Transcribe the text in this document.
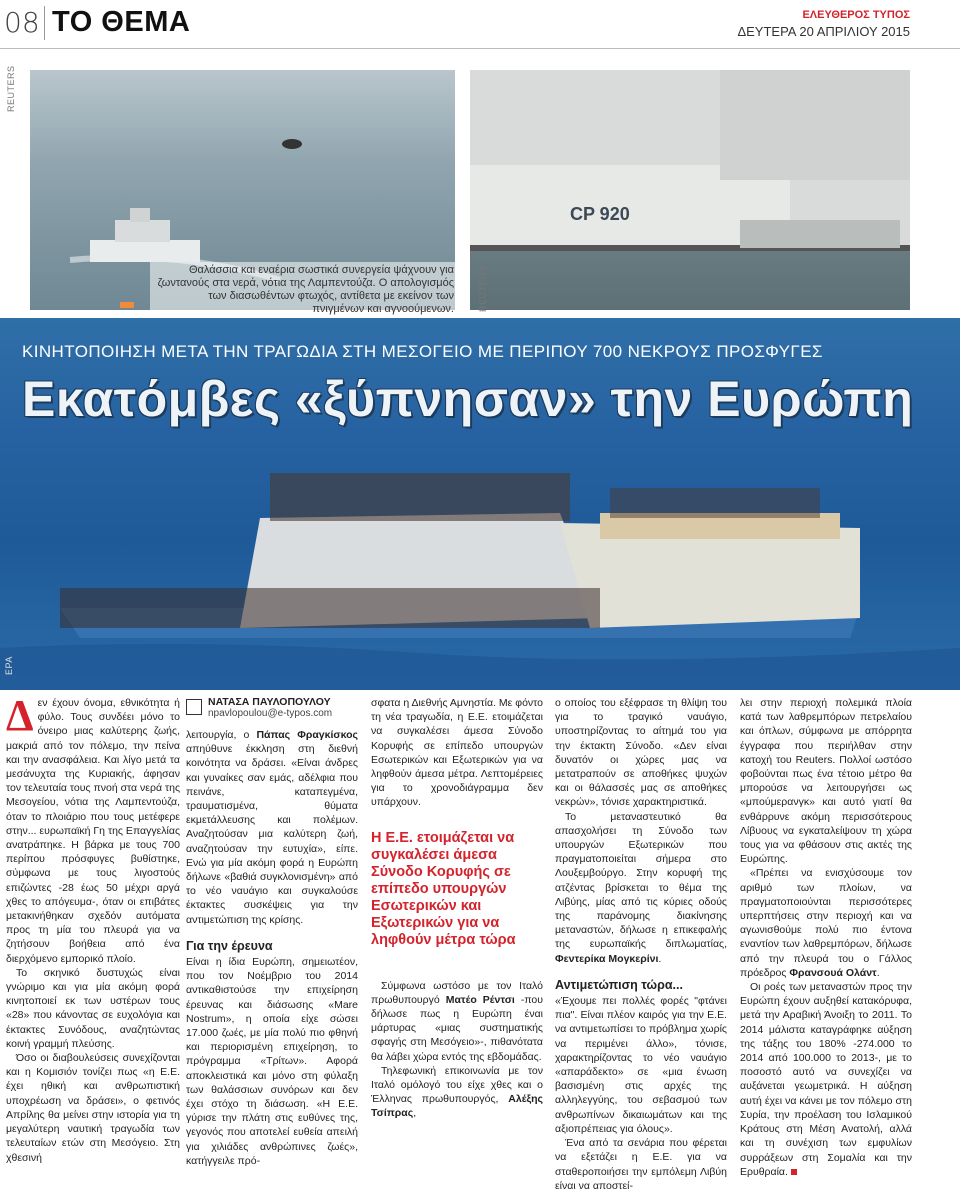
08 ΤΟ ΘΕΜΑ	ΕΛΕΥΘΕΡΟΣ ΤΥΠΟΣ
ΔΕΥΤΕΡΑ 20 ΑΠΡΙΛΙΟΥ 2015
REUTERS
Θαλάσσια και εναέρια σωστικά συνεργεία ψάχνουν για ζωντανούς στα νερά, νότια της Λαμπεντούζα. Ο απολογισμός των διασωθέντων φτωχός, αντίθετα με εκείνον των πνιγμένων και αγνοούμενων.
CP 920
REUTERS
EPA
ΚΙΝΗΤΟΠΟΙΗΣΗ ΜΕΤΑ ΤΗΝ ΤΡΑΓΩΔΙΑ ΣΤΗ ΜΕΣΟΓΕΙΟ ΜΕ ΠΕΡΙΠΟΥ 700 ΝΕΚΡΟΥΣ ΠΡΟΣΦΥΓΕΣ
Εκατόμβες «ξύπνησαν» την Ευρώπη

Δεν έχουν όνομα, εθνικότητα ή φύλο. Τους συνδέει μόνο το όνειρο μιας καλύτερης ζωής, μακριά από τον πόλεμο, την πείνα και την ανασφάλεια. Και λίγο μετά τα μεσάνυχτα της Κυριακής, άφησαν τον τελευταία τους πνοή στα νερά της Μεσογείου, νότια της Λαμπεντούζα, όταν το πλοιάριο που τους μετέφερε στην... ευρωπαϊκή Γη της Επαγγελίας ανατράπηκε. Η βάρκα με τους 700 περίπου πρόσφυγες βυθίστηκε, σύμφωνα με τους λιγοστούς επιζώντες -28 έως 50 μέχρι αργά χθες το απόγευμα-, όταν οι επιβάτες μετακινήθηκαν σχεδόν αυτόματα προς τη μία του πλευρά για να ζητήσουν βοήθεια από ένα διερχόμενο εμπορικό πλοίο.

Το σκηνικό δυστυχώς είναι γνώριμο και για μία ακόμη φορά κινητοποιεί εκ των υστέρων τους «28» που κάνοντας σε ευχολόγια και έκτακτες Συνόδους, αναζητώντας κοινή γραμμή πλεύσης.

Όσο οι διαβουλεύσεις συνεχίζονται και η Κομισιόν τονίζει πως «η Ε.Ε. έχει ηθική και ανθρωπιστική υποχρέωση να δράσει», ο φετινός Απρίλης θα μείνει στην ιστορία για τη μεγαλύτερη ναυτική τραγωδία των τελευταίων ετών στη Μεσόγειο. Στη χθεσινή

ΝΑΤΑΣΑ ΠΑΥΛΟΠΟΥΛΟΥ
npavlopoulou@e-typos.com

λειτουργία, ο Πάπας Φραγκίσκος απηύθυνε έκκληση στη διεθνή κοινότητα να δράσει. «Είναι άνδρες και γυναίκες σαν εμάς, αδέλφια που πεινάνε, καταπεγμένα, τραυματισμένα, θύματα εκμετάλλευσης και πολέμων. Αναζητούσαν μια καλύτερη ζωή, αναζητούσαν την ευτυχία», είπε. Ενώ για μία ακόμη φορά η Ευρώπη δήλωνε «βαθιά συγκλονισμένη» από το νέο ναυάγιο και συγκαλούσε έκτακτες συσκέψεις για την αντιμετώπιση της κρίσης.

Για την έρευνα

Είναι η ίδια Ευρώπη, σημειωτέον, που τον Νοέμβριο του 2014 αντικαθιστούσε την επιχείρηση έρευνας και διάσωσης «Mare Nostrum», η οποία είχε σώσει 17.000 ζωές, με μία πολύ πιο φθηνή και περιορισμένη επιχείρηση, το πρόγραμμα «Τρίτων». Αφορά αποκλειστικά και μόνο στη φύλαξη των θαλάσσιων συνόρων και δεν έχει στόχο τη διάσωση. «Η Ε.Ε. γύρισε την πλάτη στις ευθύνες της, γεγονός που αποτελεί ευθεία απειλή για χιλιάδες ανθρώπινες ζωές», κατήγγειλε πρό-

σφατα η Διεθνής Αμνηστία. Με φόντο τη νέα τραγωδία, η Ε.Ε. ετοιμάζεται να συγκαλέσει άμεσα Σύνοδο Κορυφής σε επίπεδο υπουργών Εσωτερικών και Εξωτερικών για να ληφθούν άμεσα μέτρα. Λεπτομέρειες για το χρονοδιάγραμμα δεν υπάρχουν.

Η Ε.Ε. ετοιμάζεται να συγκαλέσει άμεσα Σύνοδο Κορυφής σε επίπεδο υπουργών Εσωτερικών και Εξωτερικών για να ληφθούν μέτρα τώρα

Σύμφωνα ωστόσο με τον Ιταλό πρωθυπουργό Ματέο Ρέντσι -που δήλωσε πως η Ευρώπη έναι μάρτυρας «μιας συστηματικής σφαγής στη Μεσόγειο»-, πιθανότατα θα λάβει χώρα εντός της εβδομάδας.

Τηλεφωνική επικοινωνία με τον Ιταλό ομόλογό του είχε χθες και ο Έλληνας πρωθυπουργός, Αλέξης Τσίπρας,

ο οποίος του εξέφρασε τη θλίψη του για το τραγικό ναυάγιο, υποστηρίζοντας το αίτημά του για την έκτακτη Σύνοδο. «Δεν είναι δυνατόν οι χώρες μας να μετατραπούν σε αποθήκες ψυχών και οι θάλασσές μας σε αποθήκες νεκρών», τόνισε χαρακτηριστικά.

Το μεταναστευτικό θα απασχολήσει τη Σύνοδο των υπουργών Εξωτερικών που πραγματοποιείται σήμερα στο Λουξεμβούργο. Στην κορυφή της ατζέντας βρίσκεται το θέμα της Λιβύης, μίας από τις κύριες οδούς της παράνομης διακίνησης μεταναστών, δήλωσε η επικεφαλής της ευρωπαϊκής διπλωματίας, Φεντερίκα Μογκερίνι.

Αντιμετώπιση τώρα...

«Έχουμε πει πολλές φορές "φτάνει πια". Είναι πλέον καιρός για την Ε.Ε. να αντιμετωπίσει το πρόβλημα χωρίς να περιμένει άλλο», τόνισε, χαρακτηρίζοντας το νέο ναυάγιο «απαράδεκτο» σε «μια ένωση βασισμένη στις αρχές της αλληλεγγύης, του σεβασμού των ανθρωπίνων δικαιωμάτων και της αξιοπρέπειας για όλους».

Ένα από τα σενάρια που φέρεται να εξετάζει η Ε.Ε. για να σταθεροποιήσει την εμπόλεμη Λιβύη είναι να αποστεί-

λει στην περιοχή πολεμικά πλοία κατά των λαθρεμπόρων πετρελαίου και όπλων, σύμφωνα με απόρρητα έγγραφα που περιήλθαν στην κατοχή του Reuters. Πολλοί ωστόσο φοβούνται πως ένα τέτοιο μέτρο θα μπορούσε να λειτουργήσει ως «μπούμερανγκ» και αυτό γιατί θα ενθάρρυνε ακόμη περισσότερους Λίβυους να εγκαταλείψουν τη χώρα τους για να φθάσουν στις ακτές της Ευρώπης.

«Πρέπει να ενισχύσουμε τον αριθμό των πλοίων, να πραγματοποιούνται περισσότερες υπερπτήσεις στην περιοχή και να αγωνισθούμε πολύ πιο έντονα εναντίον των λαθρεμπόρων, δήλωσε από την πλευρά του ο Γάλλος πρόεδρος Φρανσουά Ολάντ.

Οι ροές των μεταναστών προς την Ευρώπη έχουν αυξηθεί κατακόρυφα, μετά την Αραβική Άνοιξη το 2011. Το 2014 μάλιστα καταγράφηκε αύξηση της τάξης του 180% -274.000 το 2014 από 100.000 το 2013-, με το ποσοστό αυτό να συνεχίζει να αυξάνεται γεωμετρικά. Η αύξηση αυτή έχει να κάνει με τον πόλεμο στη Συρία, την προέλαση του Ισλαμικού Κράτους στη Μέση Ανατολή, αλλά και τη συνέχιση των εμφυλίων συρράξεων στη Σομαλία και την Ερυθραία.
